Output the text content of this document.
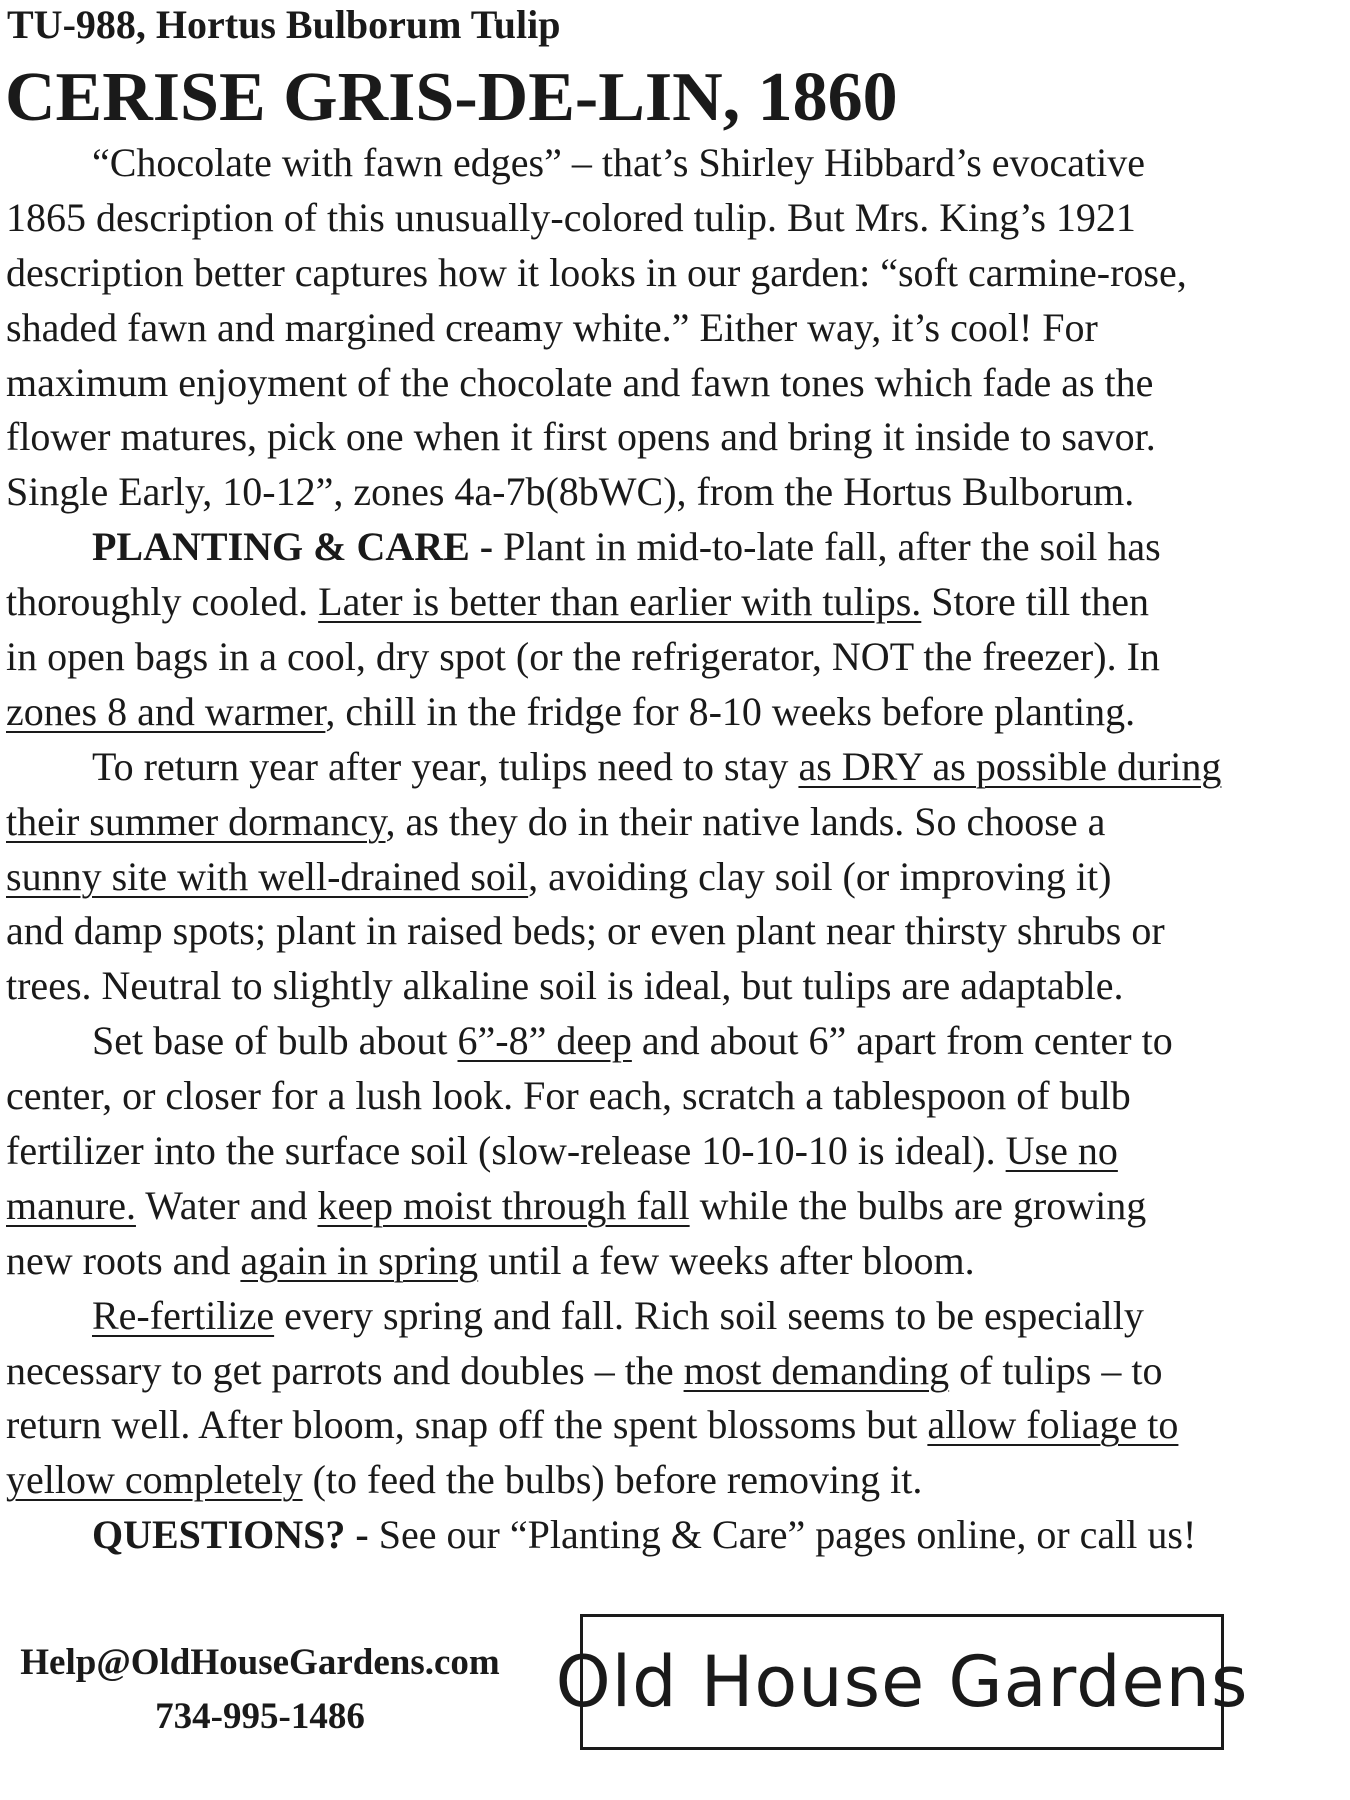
TU-988, Hortus Bulborum Tulip
CERISE GRIS-DE-LIN, 1860
“Chocolate with fawn edges” – that’s Shirley Hibbard’s evocative
1865 description of this unusually-colored tulip. But Mrs. King’s 1921
description better captures how it looks in our garden: “soft carmine-rose,
shaded fawn and margined creamy white.” Either way, it’s cool! For
maximum enjoyment of the chocolate and fawn tones which fade as the
flower matures, pick one when it first opens and bring it inside to savor.
Single Early, 10-12”, zones 4a-7b(8bWC), from the Hortus Bulborum.
PLANTING & CARE - Plant in mid-to-late fall, after the soil has
thoroughly cooled. Later is better than earlier with tulips. Store till then
in open bags in a cool, dry spot (or the refrigerator, NOT the freezer). In
zones 8 and warmer, chill in the fridge for 8-10 weeks before planting.
To return year after year, tulips need to stay as DRY as possible during
their summer dormancy, as they do in their native lands. So choose a
sunny site with well-drained soil, avoiding clay soil (or improving it)
and damp spots; plant in raised beds; or even plant near thirsty shrubs or
trees. Neutral to slightly alkaline soil is ideal, but tulips are adaptable.
Set base of bulb about 6”-8” deep and about 6” apart from center to
center, or closer for a lush look. For each, scratch a tablespoon of bulb
fertilizer into the surface soil (slow-release 10-10-10 is ideal). Use no
manure. Water and keep moist through fall while the bulbs are growing
new roots and again in spring until a few weeks after bloom.
Re-fertilize every spring and fall. Rich soil seems to be especially
necessary to get parrots and doubles – the most demanding of tulips – to
return well. After bloom, snap off the spent blossoms but allow foliage to
yellow completely (to feed the bulbs) before removing it.
QUESTIONS? - See our “Planting & Care” pages online, or call us!
Help@OldHouseGardens.com
734-995-1486	Old House Gardens
